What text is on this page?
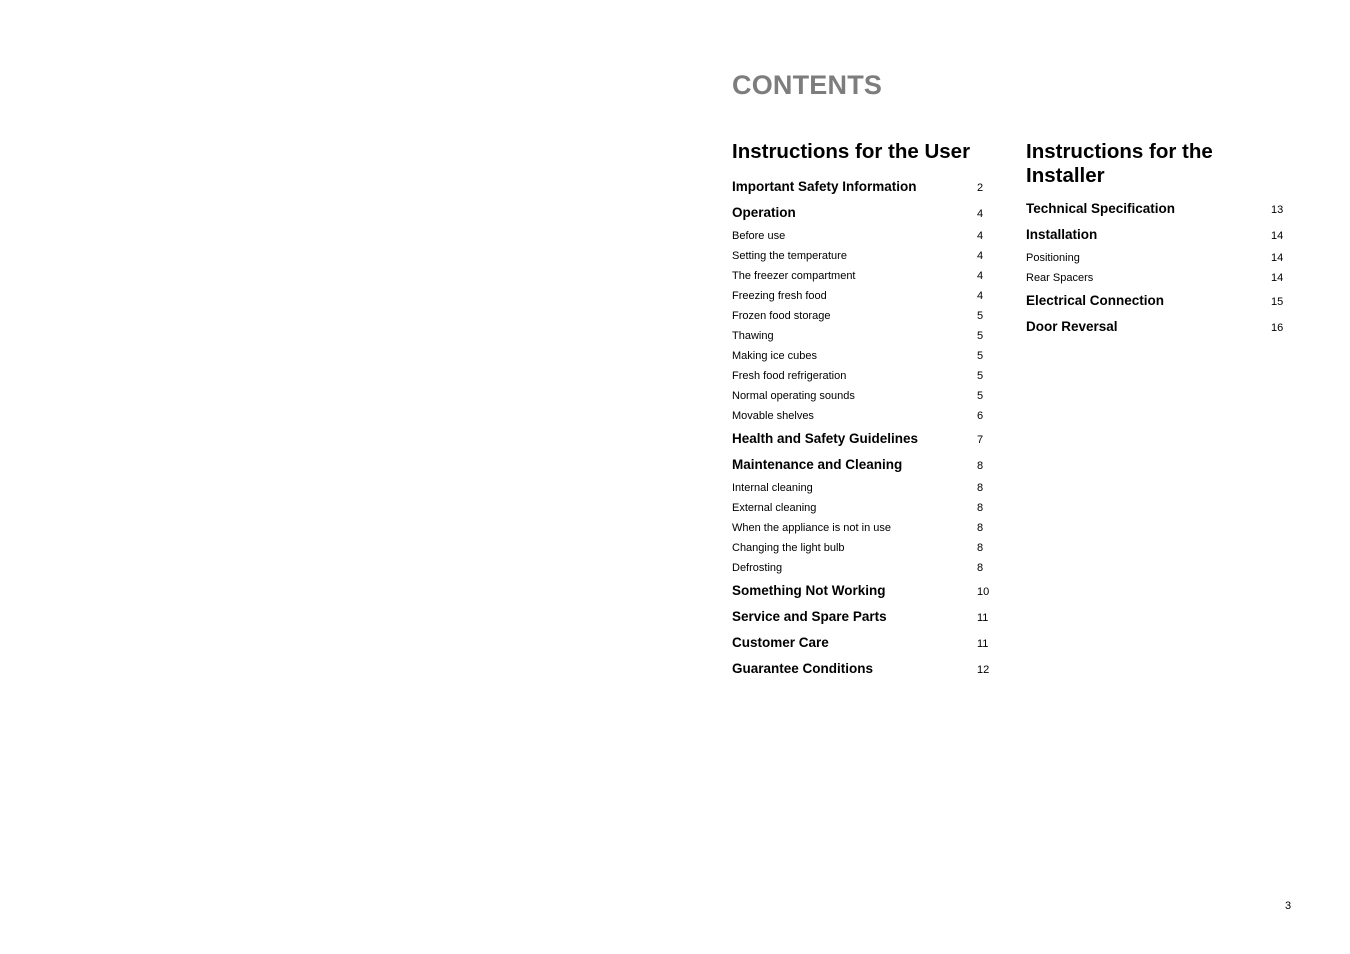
CONTENTS
Instructions for the User
Important Safety Information	2
Operation	4
Before use	4
Setting the temperature	4
The freezer compartment	4
Freezing fresh food	4
Frozen food storage	5
Thawing	5
Making ice cubes	5
Fresh food refrigeration	5
Normal operating sounds	5
Movable shelves	6
Health and Safety Guidelines	7
Maintenance and Cleaning	8
Internal cleaning	8
External cleaning	8
When the appliance is not in use	8
Changing the light bulb	8
Defrosting	8
Something Not Working	10
Service and Spare Parts	11
Customer Care	11
Guarantee Conditions	12
Instructions for the Installer
Technical Specification	13
Installation	14
Positioning	14
Rear Spacers	14
Electrical Connection	15
Door Reversal	16
3
